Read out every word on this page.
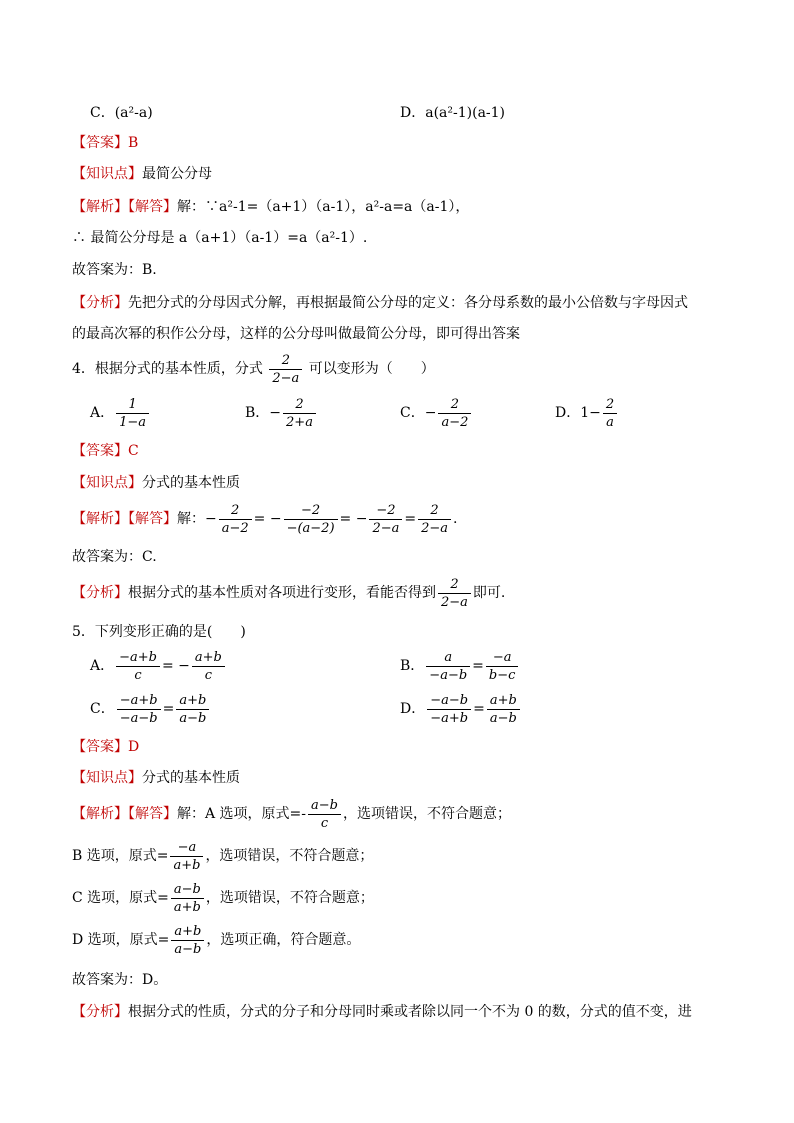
C．(a²-a)	D．a(a²-1)(a-1)
【答案】B
【知识点】最简公分母
【解析】【解答】解：∵a²-1=（a+1）（a-1），a²-a=a（a-1），
∴ 最简公分母是 a（a+1）（a-1）=a（a²-1）.
故答案为：B.
【分析】先把分式的分母因式分解，再根据最简公分母的定义：各分母系数的最小公倍数与字母因式
的最高次幂的积作公分母，这样的公分母叫做最简公分母，即可得出答案
4．根据分式的基本性质，分式 $\frac{2}{2-a}$ 可以变形为（　　）
A． $\frac{1}{1-a}$	B．− $\frac{2}{2+a}$	C．− $\frac{2}{a-2}$	D．$1- \frac{2}{a}$
【答案】C
【知识点】分式的基本性质
【解析】【解答】解：− $\frac{2}{a-2}$ = − $\frac{-2}{-(a-2)}$ = − $\frac{-2}{2-a} = \frac{2}{2-a}$ .
故答案为：C.
【分析】根据分式的基本性质对各项进行变形，看能否得到 $\frac{2}{2-a}$ 即可.
5．下列变形正确的是(　　)
A． $\frac{-a+b}{c}$ = − $\frac{a+b}{c}$	B． $\frac{a}{-a-b} = \frac{-a}{b-c}$
C． $\frac{-a+b}{-a-b} = \frac{a+b}{a-b}$	D． $\frac{-a-b}{-a+b} = \frac{a+b}{a-b}$
【答案】D
【知识点】分式的基本性质
【解析】【解答】解：A 选项，原式=- $\frac{a-b}{c}$ ，选项错误，不符合题意；
B 选项，原式= $\frac{-a}{a+b}$ ，选项错误，不符合题意；
C 选项，原式= $\frac{a-b}{a+b}$ ，选项错误，不符合题意；
D 选项，原式= $\frac{a+b}{a-b}$ ，选项正确，符合题意。
故答案为：D。
【分析】根据分式的性质，分式的分子和分母同时乘或者除以同一个不为 0 的数，分式的值不变，进
